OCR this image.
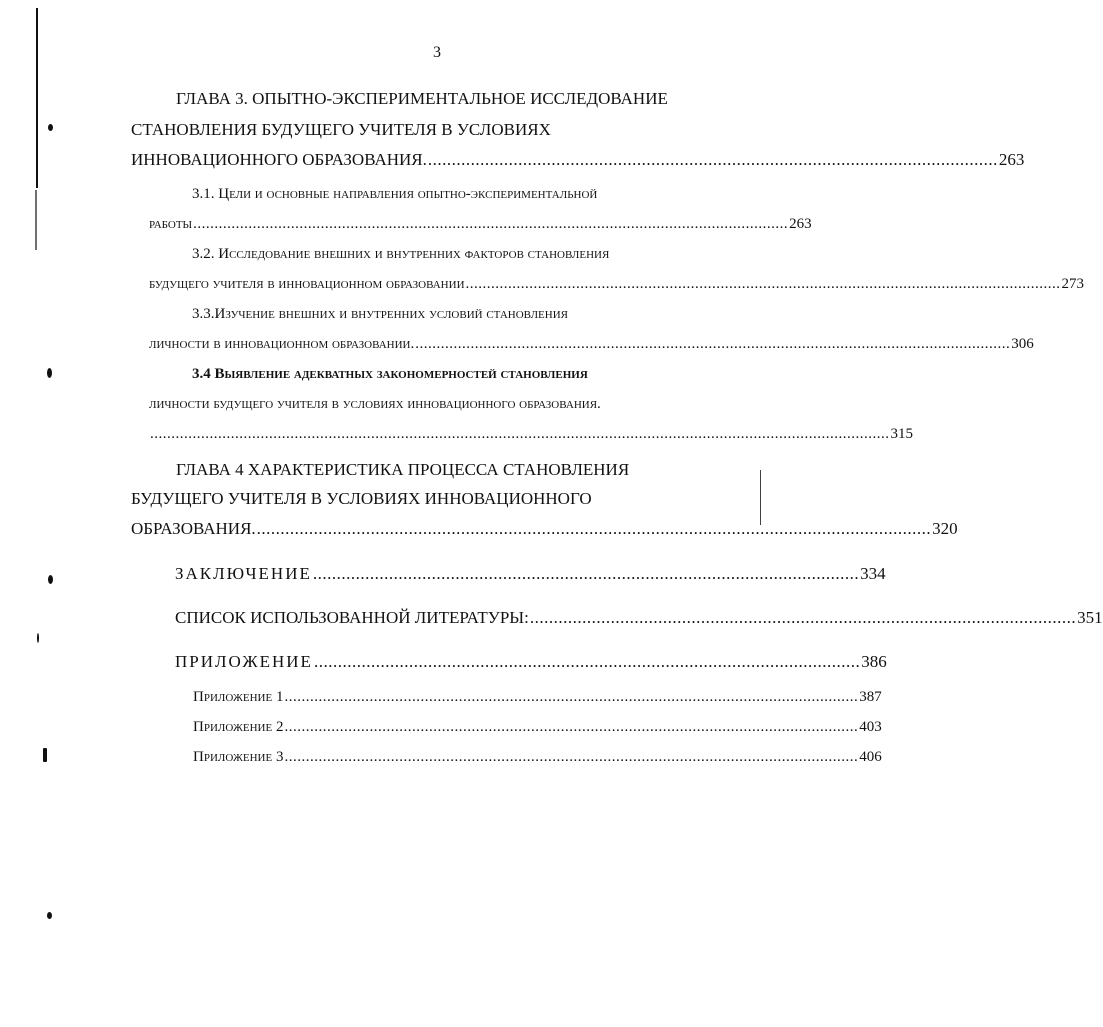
3
ГЛАВА 3. ОПЫТНО-ЭКСПЕРИМЕНТАЛЬНОЕ ИССЛЕДОВАНИЕ
СТАНОВЛЕНИЯ БУДУЩЕГО УЧИТЕЛЯ В УСЛОВИЯХ
ИННОВАЦИОННОГО ОБРАЗОВАНИЯ. ........................................................................................................................ 263
3.1. Цели и основные направления опытно-экспериментальной
работы ............................................................................................................................................ 263
3.2. Исследование внешних и внутренних факторов становления
будущего учителя в инновационном образовании ............................................................................................................................................ 273
3.3.Изучение внешних и внутренних условий становления
личности в инновационном образовании. ............................................................................................................................................ 306
3.4 Выявление адекватных закономерностей становления
личности будущего учителя в условиях инновационного образования.
.............................................................................................................................................................................. 315
ГЛАВА 4 ХАРАКТЕРИСТИКА ПРОЦЕССА СТАНОВЛЕНИЯ
БУДУЩЕГО УЧИТЕЛЯ В УСЛОВИЯХ ИННОВАЦИОННОГО
ОБРАЗОВАНИЯ. .............................................................................................................................................. 320
ЗАКЛЮЧЕНИЕ ................................................................................................................... 334
СПИСОК ИСПОЛЬЗОВАННОЙ ЛИТЕРАТУРЫ: ................................................................................................................... 351
ПРИЛОЖЕНИЕ ................................................................................................................... 386
Приложение 1 ....................................................................................................................................... 387
Приложение 2 ....................................................................................................................................... 403
Приложение 3 ....................................................................................................................................... 406
